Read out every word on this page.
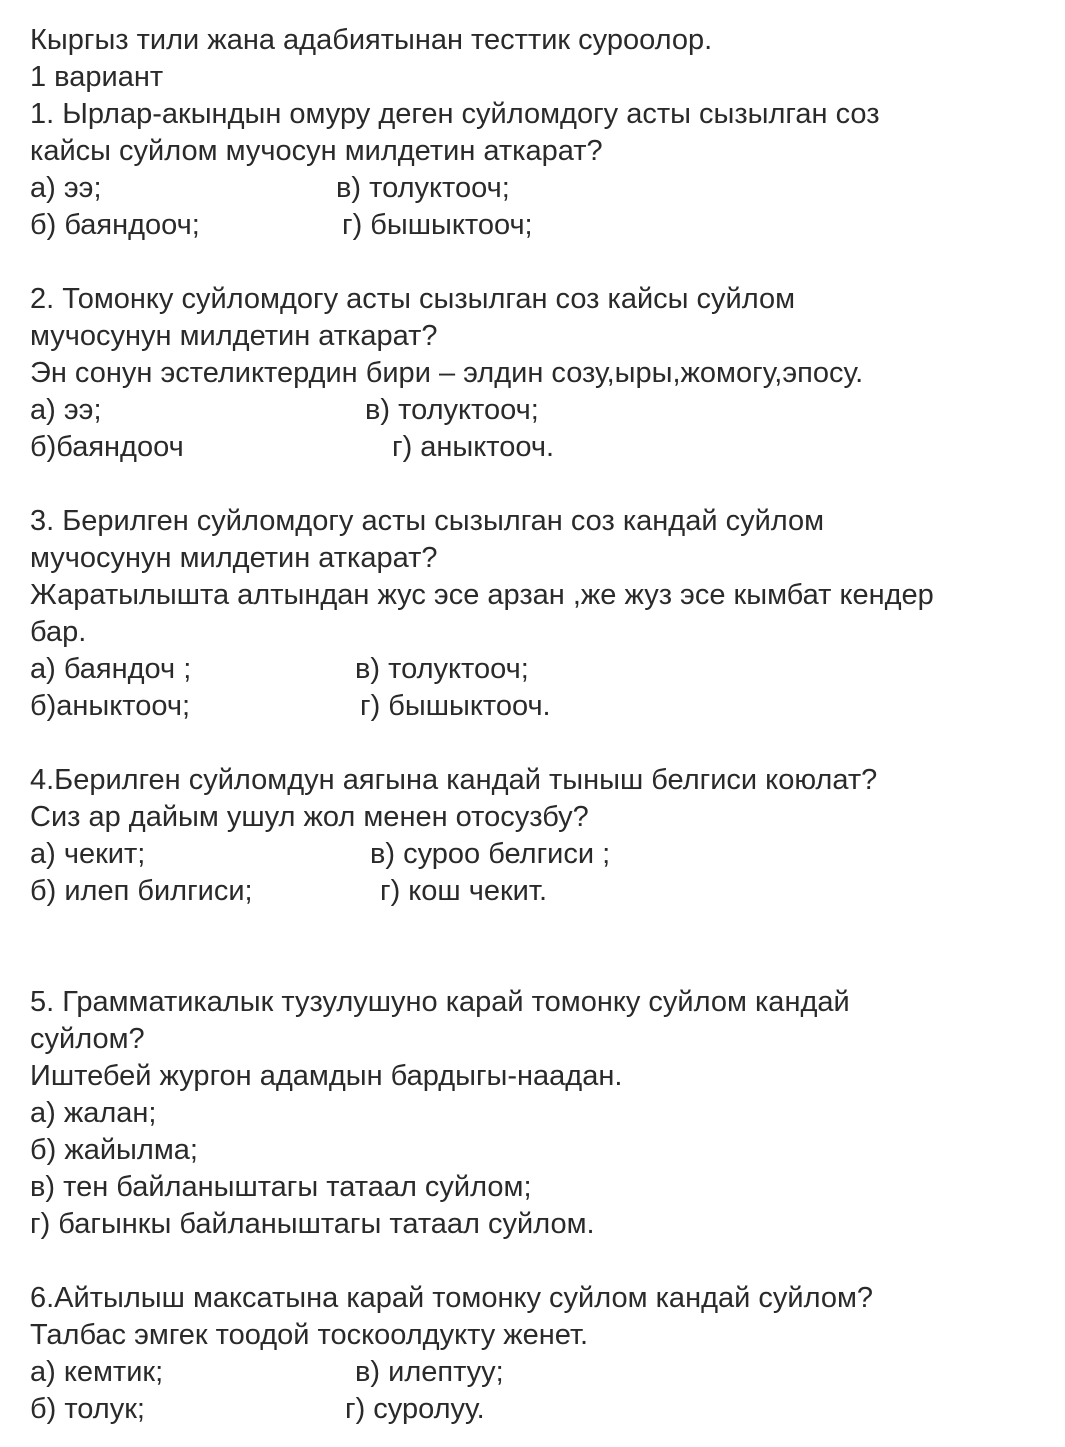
Кыргыз тили жана адабиятынан тесттик суроолор.
1 вариант
1. Ырлар-акындын омуру деген суйломдогу асты сызылган соз
кайсы суйлом мучосун милдетин аткарат?
а) ээ;	в) толуктооч;
б) баяндооч;	г) бышыктооч;
2. Томонку суйломдогу асты сызылган соз кайсы суйлом
мучосунун милдетин аткарат?
Эн сонун эстеликтердин бири – элдин созу,ыры,жомогу,эпосу.
а) ээ;	в) толуктооч;
б)баяндооч	г) аныктооч.
3. Берилген суйломдогу асты сызылган соз кандай суйлом
мучосунун милдетин аткарат?
Жаратылышта алтындан жус эсе арзан ,же жуз эсе кымбат кендер
бар.
а) баяндоч ;	в) толуктооч;
б)аныктооч;	г) бышыктооч.
4.Берилген суйломдун аягына кандай тыныш белгиси коюлат?
Сиз ар дайым ушул жол менен отосузбу?
а) чекит;	в) суроо белгиси ;
б) илеп билгиси;	г) кош чекит.
5. Грамматикалык тузулушуно карай томонку суйлом кандай
суйлом?
Иштебей жургон адамдын бардыгы-наадан.
а) жалан;
б) жайылма;
в) тен байланыштагы татаал суйлом;
г) багынкы байланыштагы татаал суйлом.
6.Айтылыш максатына карай томонку суйлом кандай суйлом?
Талбас эмгек тоодой тоскоолдукту женет.
а) кемтик;	в) илептуу;
б) толук;	г) суролуу.
